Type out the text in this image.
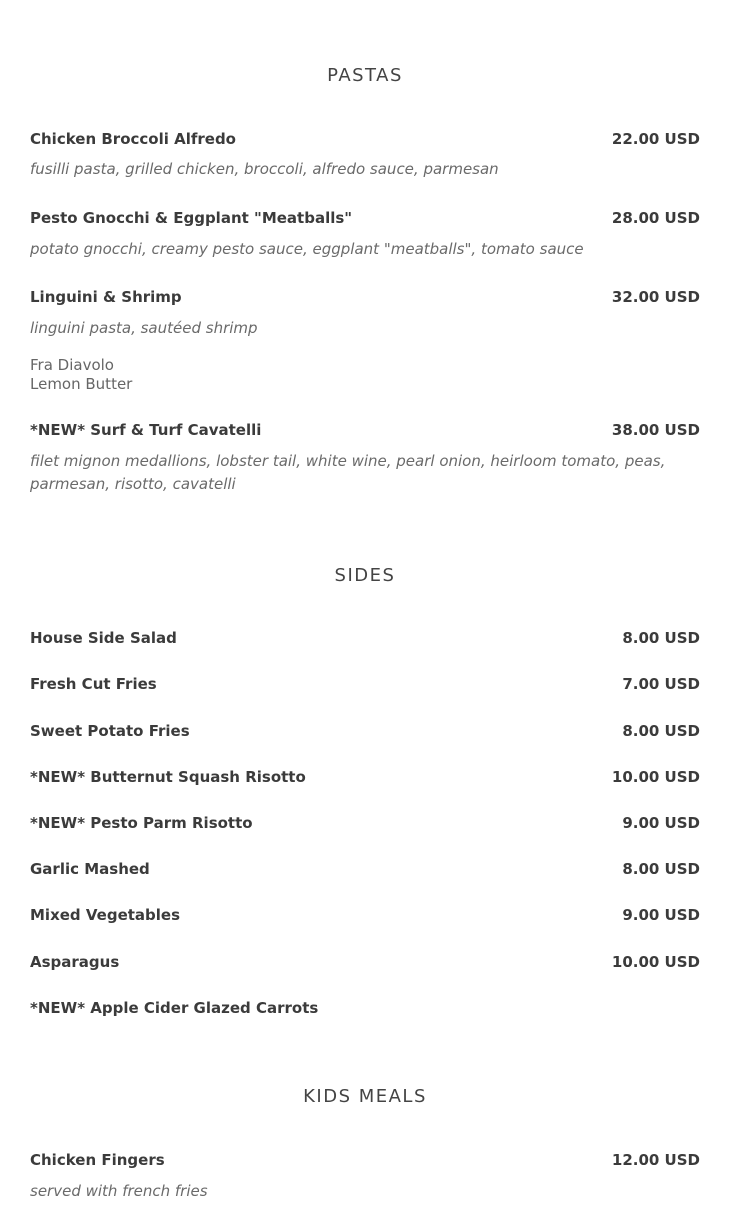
PASTAS
Chicken Broccoli Alfredo	22.00 USD
fusilli pasta, grilled chicken, broccoli, alfredo sauce, parmesan
Pesto Gnocchi & Eggplant "Meatballs"	28.00 USD
potato gnocchi, creamy pesto sauce, eggplant "meatballs", tomato sauce
Linguini & Shrimp	32.00 USD
linguini pasta, sautéed shrimp
Fra Diavolo
Lemon Butter
*NEW* Surf & Turf Cavatelli	38.00 USD
filet mignon medallions, lobster tail, white wine, pearl onion, heirloom tomato, peas, parmesan, risotto, cavatelli
SIDES
House Side Salad	8.00 USD
Fresh Cut Fries	7.00 USD
Sweet Potato Fries	8.00 USD
*NEW* Butternut Squash Risotto	10.00 USD
*NEW* Pesto Parm Risotto	9.00 USD
Garlic Mashed	8.00 USD
Mixed Vegetables	9.00 USD
Asparagus	10.00 USD
*NEW* Apple Cider Glazed Carrots
KIDS MEALS
Chicken Fingers	12.00 USD
served with french fries
